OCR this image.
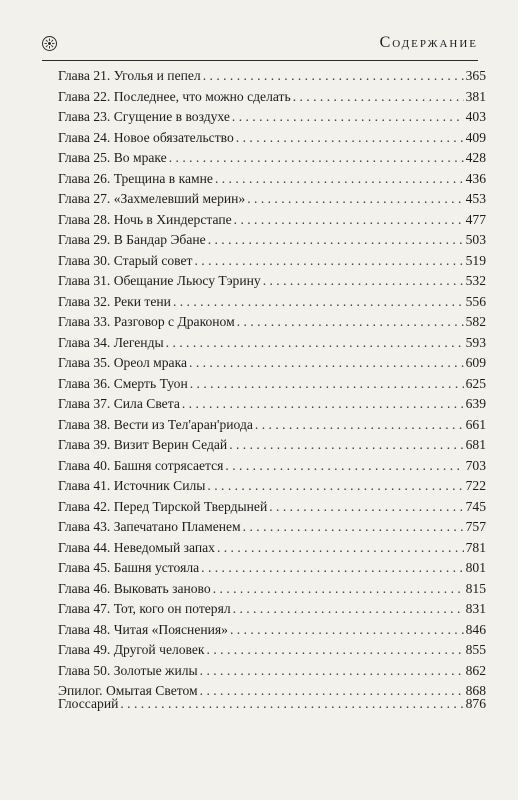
Содержание
Глава 21. Уголья и пепел . . .	365
Глава 22. Последнее, что можно сделать . . .	381
Глава 23. Сгущение в воздухе . . .	403
Глава 24. Новое обязательство . . .	409
Глава 25. Во мраке . . .	428
Глава 26. Трещина в камне . . .	436
Глава 27. «Захмелевший мерин» . . .	453
Глава 28. Ночь в Хиндерстапе . . .	477
Глава 29. В Бандар Эбане . . .	503
Глава 30. Старый совет . . .	519
Глава 31. Обещание Льюсу Тэрину . . .	532
Глава 32. Реки тени . . .	556
Глава 33. Разговор с Драконом . . .	582
Глава 34. Легенды . . .	593
Глава 35. Ореол мрака . . .	609
Глава 36. Смерть Туон . . .	625
Глава 37. Сила Света . . .	639
Глава 38. Вести из Тел'аран'риода . . .	661
Глава 39. Визит Верин Седай . . .	681
Глава 40. Башня сотрясается . . .	703
Глава 41. Источник Силы . . .	722
Глава 42. Перед Тирской Твердыней . . .	745
Глава 43. Запечатано Пламенем . . .	757
Глава 44. Неведомый запах . . .	781
Глава 45. Башня устояла . . .	801
Глава 46. Выковать заново . . .	815
Глава 47. Тот, кого он потерял . . .	831
Глава 48. Читая «Пояснения» . . .	846
Глава 49. Другой человек . . .	855
Глава 50. Золотые жилы . . .	862
Эпилог. Омытая Светом . . .	868
Глоссарий . . .	876
